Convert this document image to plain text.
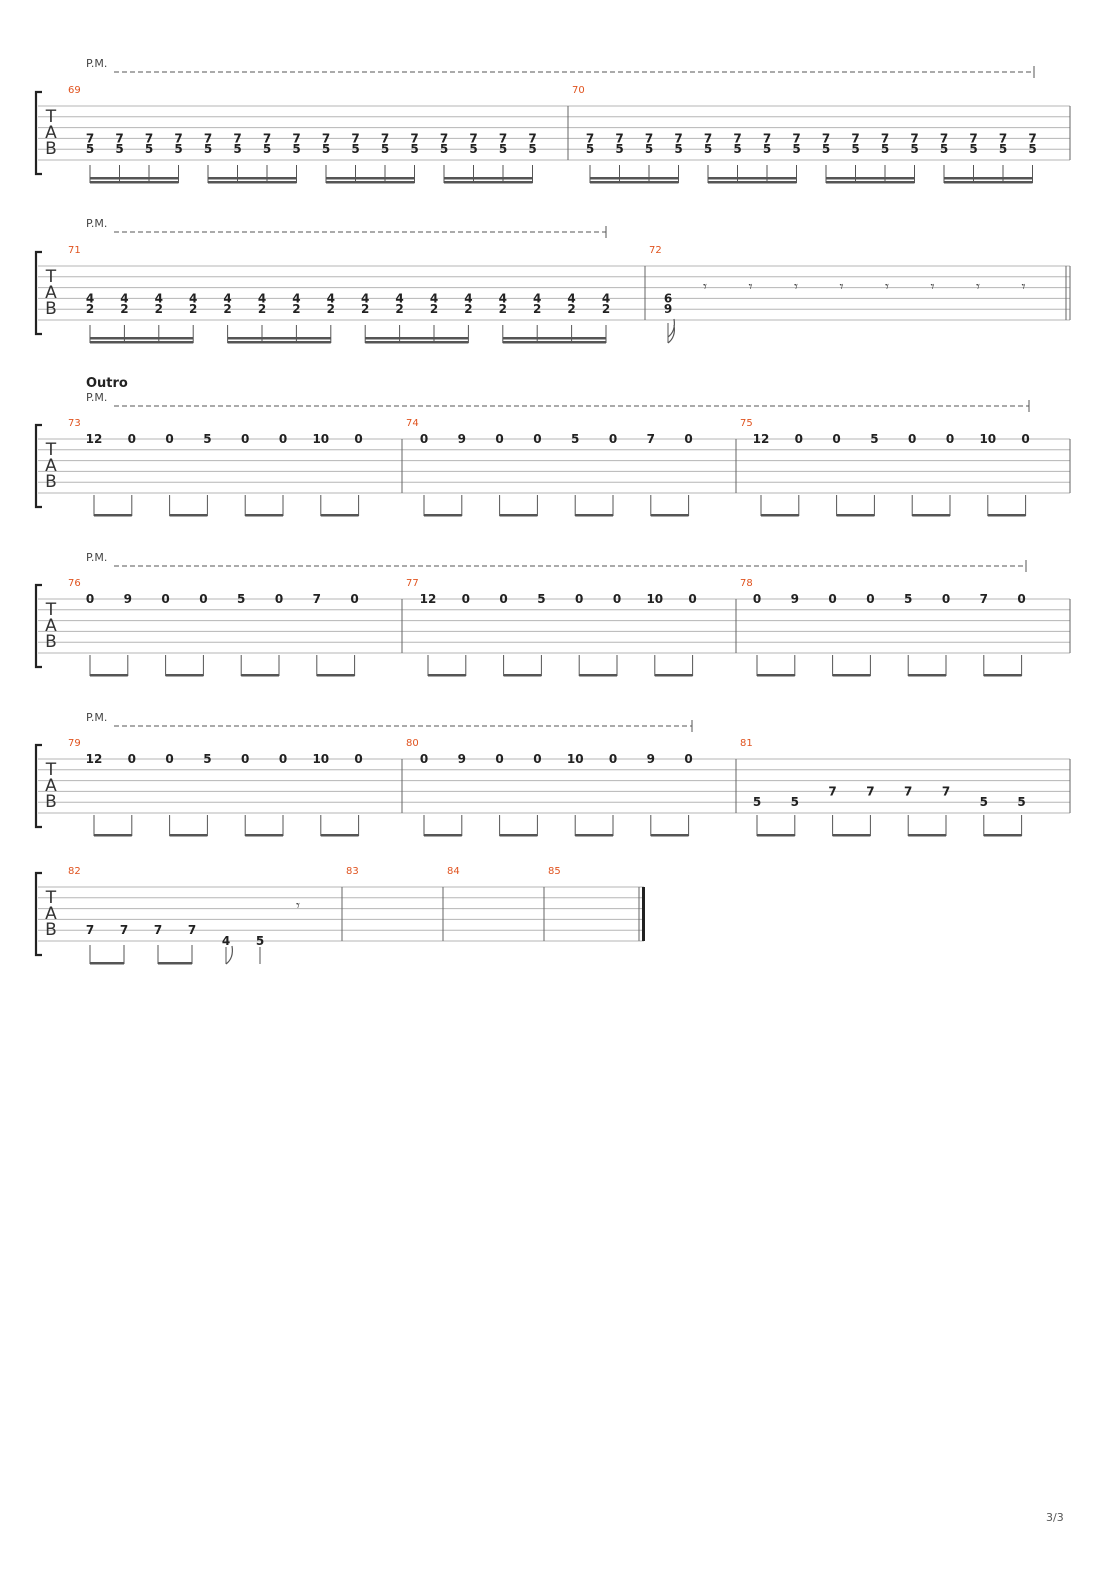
T
A
B
P.M.
69
7
5
7
5
7
5
7
5
7
5
7
5
7
5
7
5
7
5
7
5
7
5
7
5
7
5
7
5
7
5
7
5
70
7
5
7
5
7
5
7
5
7
5
7
5
7
5
7
5
7
5
7
5
7
5
7
5
7
5
7
5
7
5
7
5
T
A
B
P.M.
71
4
2
4
2
4
2
4
2
4
2
4
2
4
2
4
2
4
2
4
2
4
2
4
2
4
2
4
2
4
2
4
2
72
6
9
𝄾	𝄾	𝄾	𝄾	𝄾	𝄾	𝄾	𝄾
T
A
B
Outro
P.M.
73
12 0 0 5 0 0 10 0
74
0 9 0 0 5 0 7 0
75
12 0 0 5 0 0 10 0
T
A
B
P.M.
76
0 9 0 0 5 0 7 0
77
12 0 0 5 0 0 10 0
78
0 9 0 0 5 0 7 0
T
A
B
P.M.
79
12 0 0 5 0 0 10 0
80
0 9 0 0 10 0 9 0
81
5 5
7 7 7 7
5 5
T
A
B
82
7 7 7 7
4 5
𝄾
83	84	85
3/3
